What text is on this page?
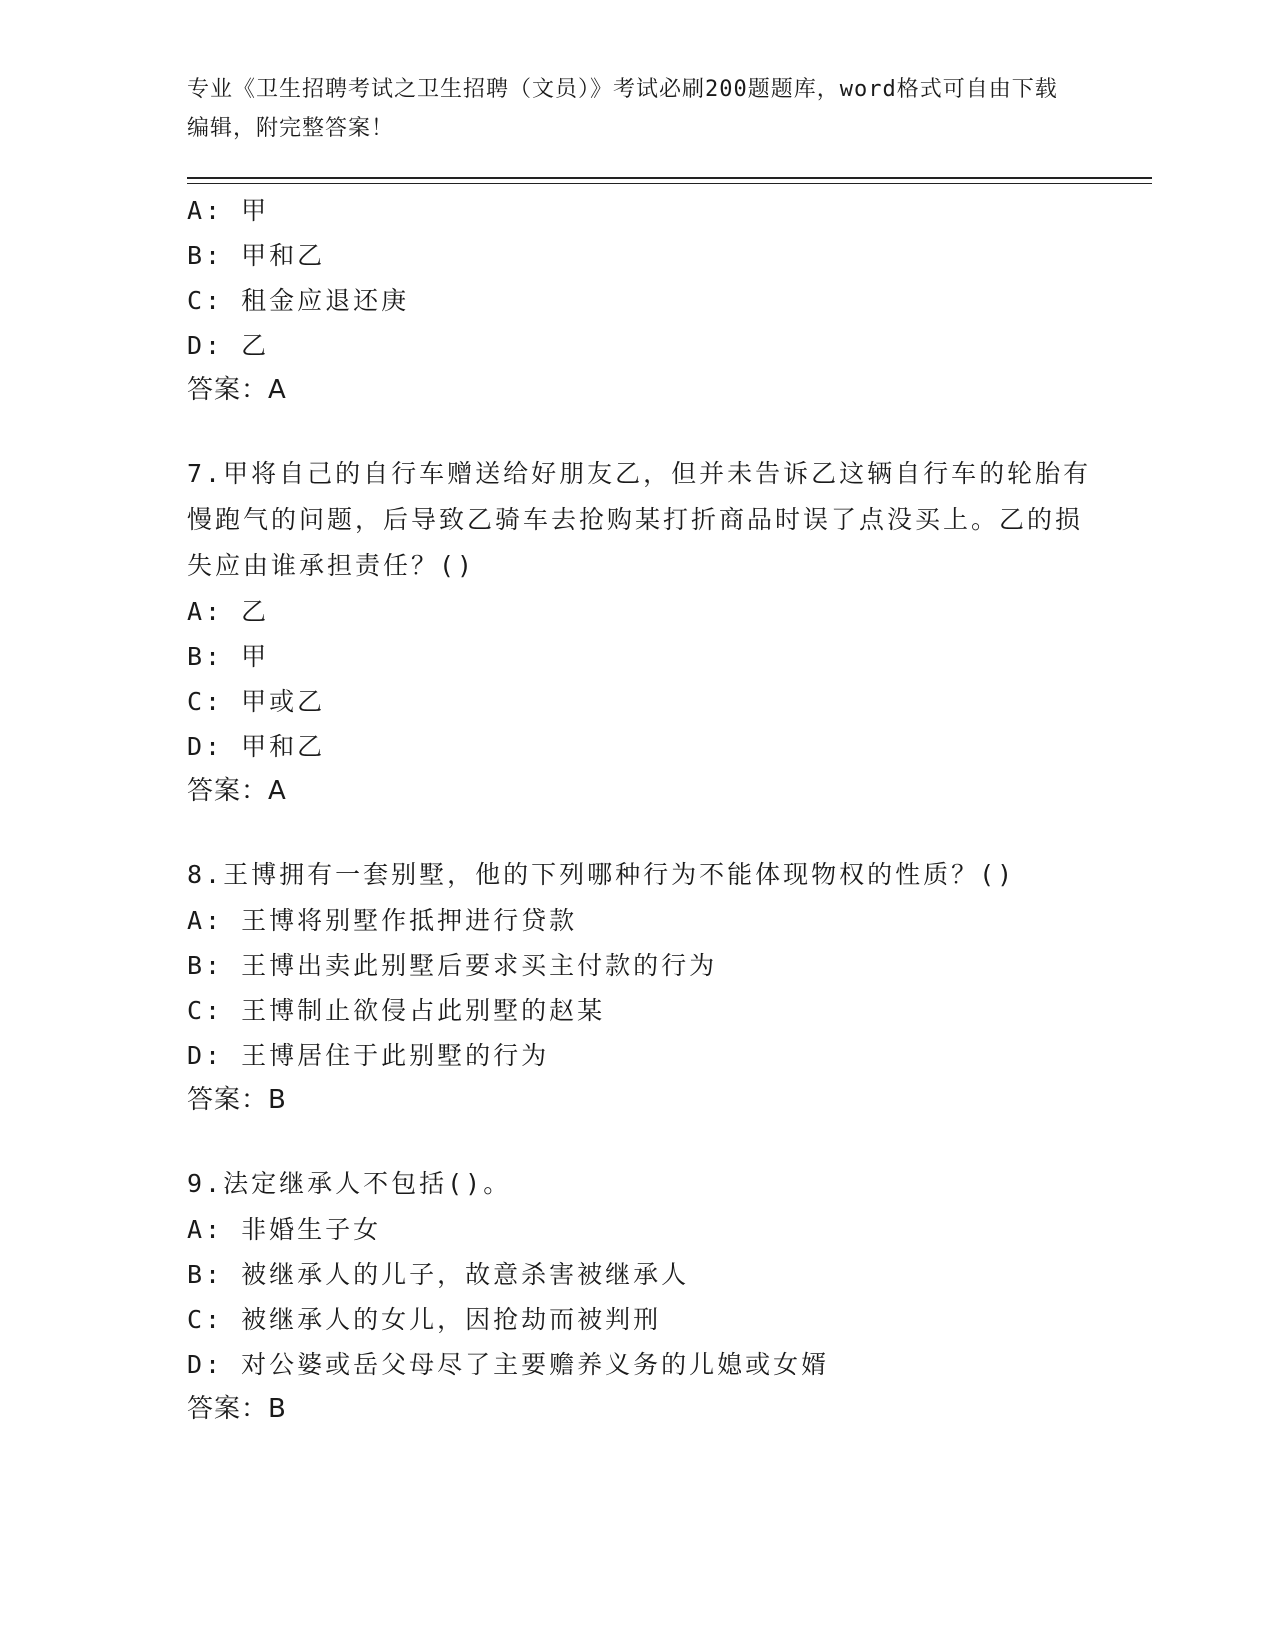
专业《卫生招聘考试之卫生招聘（文员）》考试必刷200题题库，word格式可自由下载编辑，附完整答案！
A: 甲
B: 甲和乙
C: 租金应退还庚
D: 乙
答案：A
7.甲将自己的自行车赠送给好朋友乙，但并未告诉乙这辆自行车的轮胎有慢跑气的问题，后导致乙骑车去抢购某打折商品时误了点没买上。乙的损失应由谁承担责任？()
A: 乙
B: 甲
C: 甲或乙
D: 甲和乙
答案：A
8.王博拥有一套别墅，他的下列哪种行为不能体现物权的性质？()
A: 王博将别墅作抵押进行贷款
B: 王博出卖此别墅后要求买主付款的行为
C: 王博制止欲侵占此别墅的赵某
D: 王博居住于此别墅的行为
答案：B
9.法定继承人不包括()。
A: 非婚生子女
B: 被继承人的儿子，故意杀害被继承人
C: 被继承人的女儿，因抢劫而被判刑
D: 对公婆或岳父母尽了主要赡养义务的儿媳或女婿
答案：B
